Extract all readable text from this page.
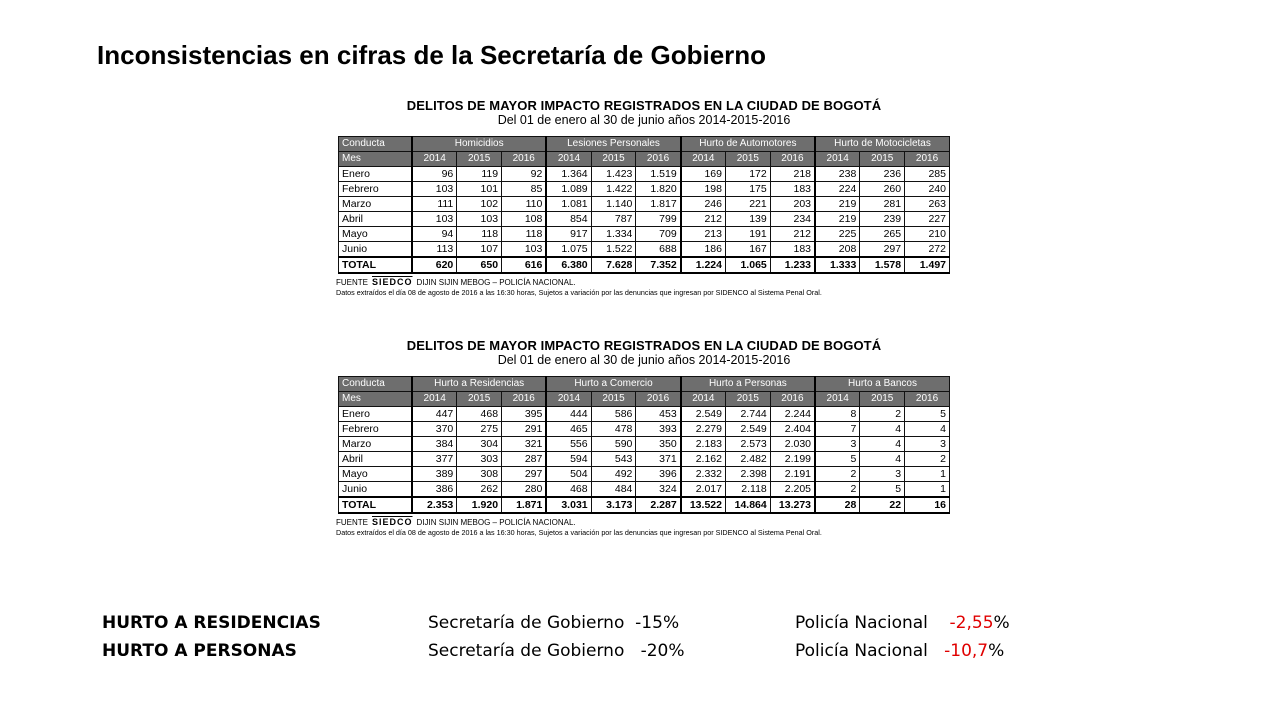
Inconsistencias en cifras de la Secretaría de Gobierno
DELITOS DE MAYOR IMPACTO REGISTRADOS EN LA CIUDAD DE BOGOTÁ
Del 01 de enero al 30 de junio años 2014-2015-2016
Conducta	Homicidios			Lesiones Personales			Hurto de Automotores			Hurto de Motocicletas		
Mes	2014	2015	2016	2014	2015	2016	2014	2015	2016	2014	2015	2016
Enero	96	119	92	1.364	1.423	1.519	169	172	218	238	236	285
Febrero	103	101	85	1.089	1.422	1.820	198	175	183	224	260	240
Marzo	111	102	110	1.081	1.140	1.817	246	221	203	219	281	263
Abril	103	103	108	854	787	799	212	139	234	219	239	227
Mayo	94	118	118	917	1.334	709	213	191	212	225	265	210
Junio	113	107	103	1.075	1.522	688	186	167	183	208	297	272
TOTAL	620	650	616	6.380	7.628	7.352	1.224	1.065	1.233	1.333	1.578	1.497
FUENTE SIEDCO DIJIN SIJIN MEBOG – POLICÍA NACIONAL.
Datos extraídos el día 08 de agosto de 2016 a las 16:30 horas, Sujetos a variación por las denuncias que ingresan por SIDENCO al Sistema Penal Oral.
DELITOS DE MAYOR IMPACTO REGISTRADOS EN LA CIUDAD DE BOGOTÁ
Del 01 de enero al 30 de junio años 2014-2015-2016
Conducta	Hurto a Residencias			Hurto a Comercio			Hurto a Personas			Hurto a Bancos		
Mes	2014	2015	2016	2014	2015	2016	2014	2015	2016	2014	2015	2016
Enero	447	468	395	444	586	453	2.549	2.744	2.244	8	2	5
Febrero	370	275	291	465	478	393	2.279	2.549	2.404	7	4	4
Marzo	384	304	321	556	590	350	2.183	2.573	2.030	3	4	3
Abril	377	303	287	594	543	371	2.162	2.482	2.199	5	4	2
Mayo	389	308	297	504	492	396	2.332	2.398	2.191	2	3	1
Junio	386	262	280	468	484	324	2.017	2.118	2.205	2	5	1
TOTAL	2.353	1.920	1.871	3.031	3.173	2.287	13.522	14.864	13.273	28	22	16
FUENTE SIEDCO DIJIN SIJIN MEBOG – POLICÍA NACIONAL.
Datos extraídos el día 08 de agosto de 2016 a las 16:30 horas, Sujetos a variación por las denuncias que ingresan por SIDENCO al Sistema Penal Oral.
HURTO A RESIDENCIAS	Secretaría de Gobierno -15%	Policía Nacional -2,55%
HURTO A PERSONAS	Secretaría de Gobierno -20%	Policía Nacional -10,7%
